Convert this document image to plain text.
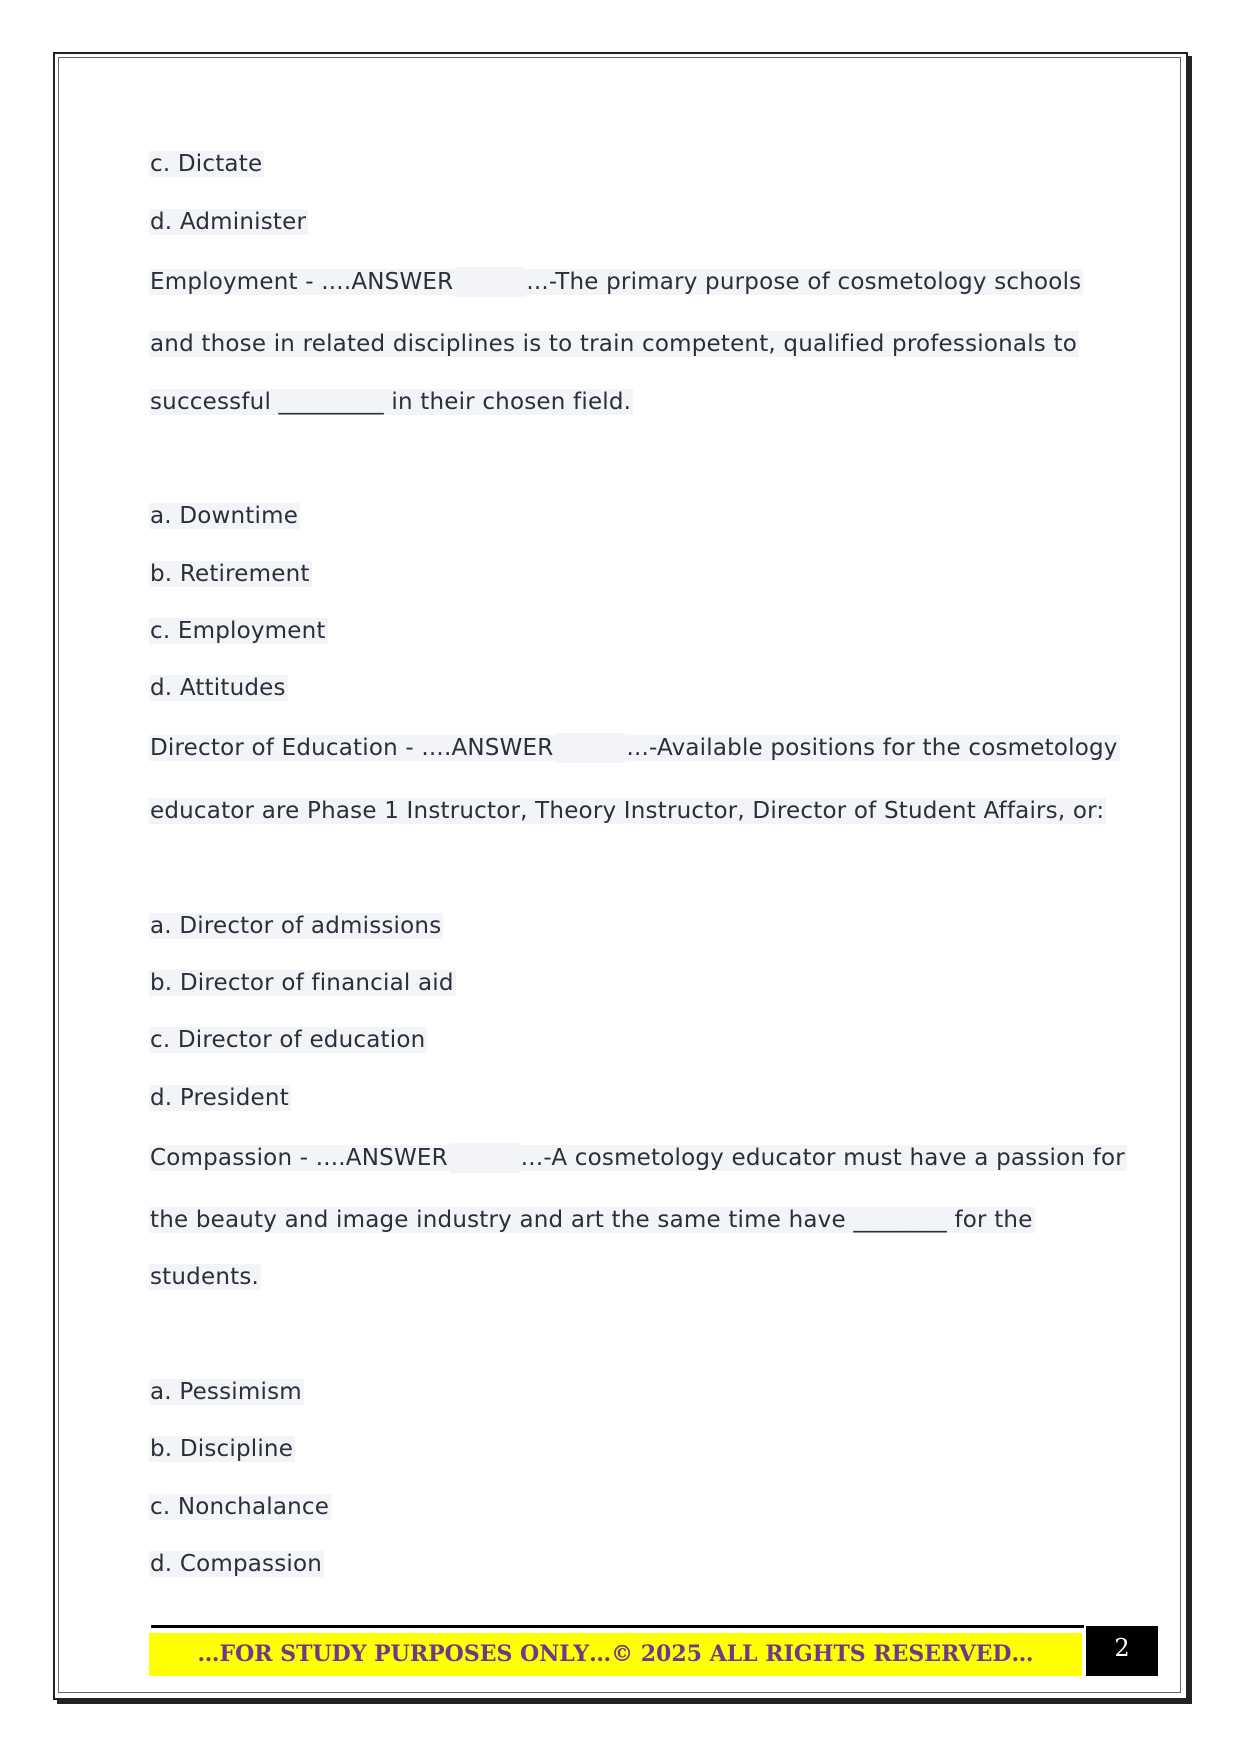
c. Dictate
d. Administer
Employment - ....ANSWER	...-The primary purpose of cosmetology schools
and those in related disciplines is to train competent, qualified professionals to
successful _________ in their chosen field.
a. Downtime
b. Retirement
c. Employment
d. Attitudes
Director of Education - ....ANSWER	...-Available positions for the cosmetology
educator are Phase 1 Instructor, Theory Instructor, Director of Student Affairs, or:
a. Director of admissions
b. Director of financial aid
c. Director of education
d. President
Compassion - ....ANSWER	...-A cosmetology educator must have a passion for
the beauty and image industry and art the same time have ________ for the
students.
a. Pessimism
b. Discipline
c. Nonchalance
d. Compassion
…FOR STUDY PURPOSES ONLY…© 2025 ALL RIGHTS RESERVED…	2
